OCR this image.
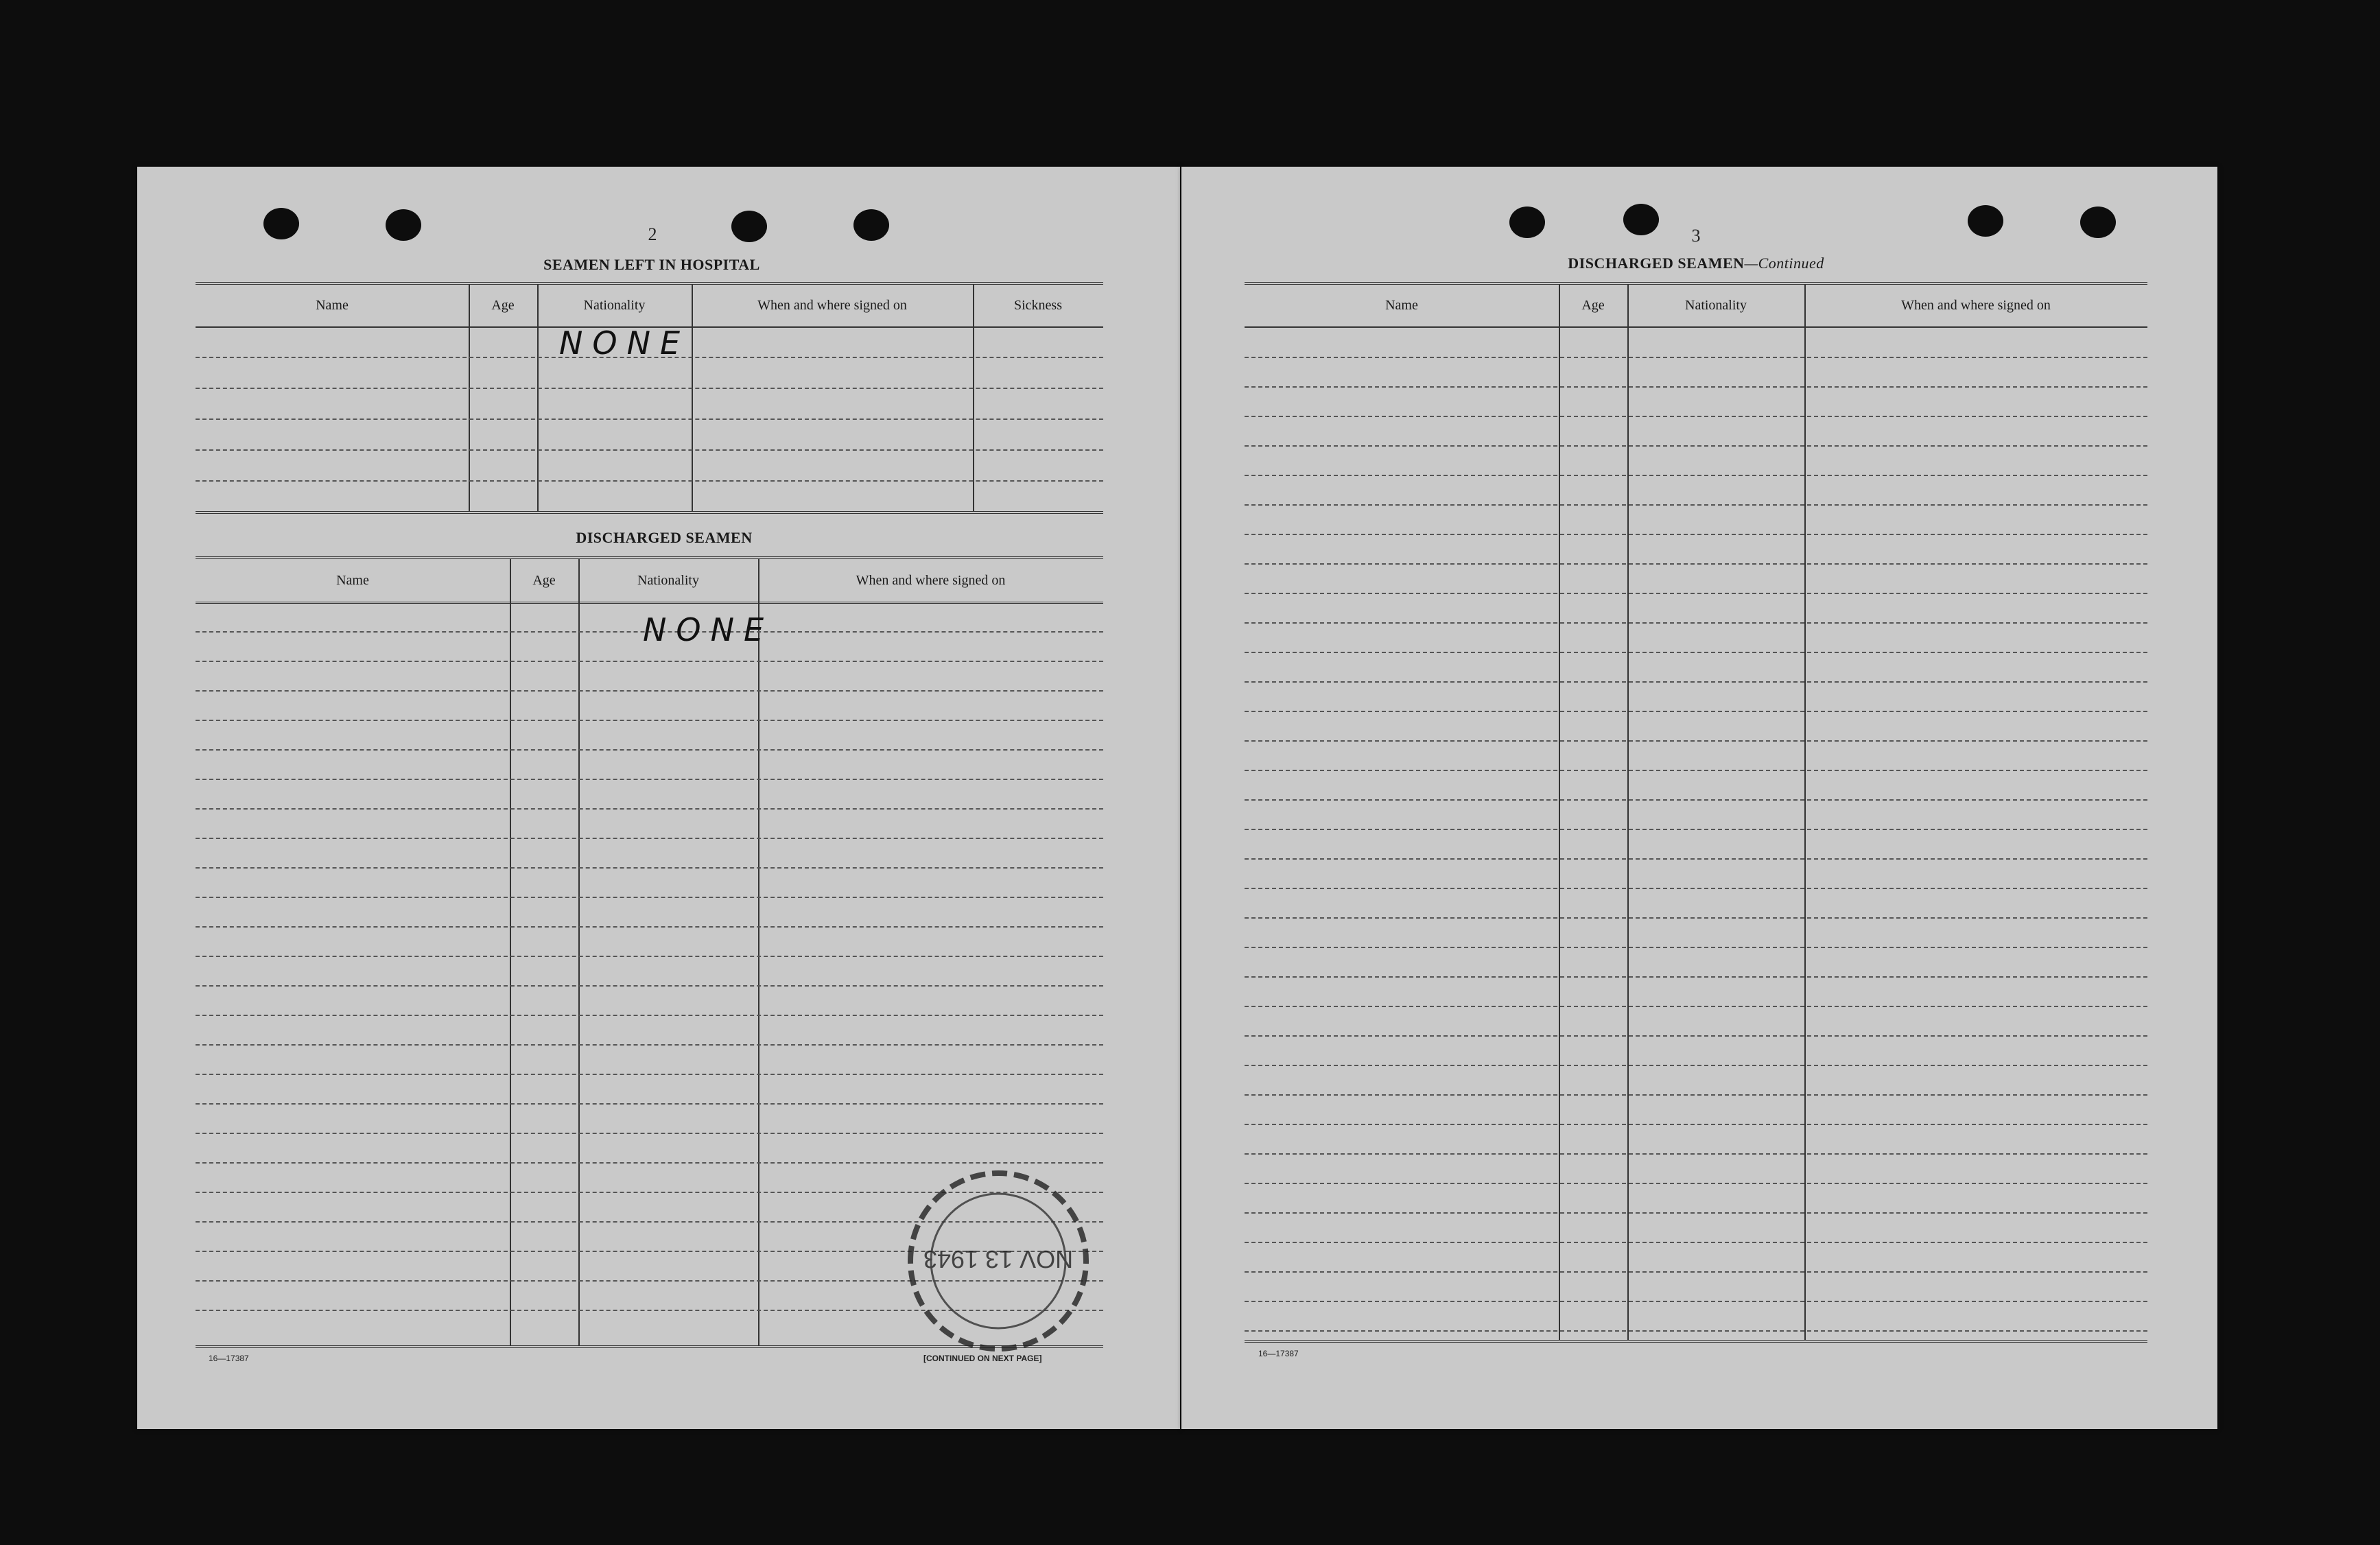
2
SEAMEN LEFT IN HOSPITAL
Name	Age	Nationality	When and where signed on	Sickness
NONE
DISCHARGED SEAMEN
Name	Age	Nationality	When and where signed on
NONE
16—17387	[CONTINUED ON NEXT PAGE]
NOV 13 1943
3
DISCHARGED SEAMEN—Continued
Name	Age	Nationality	When and where signed on
16—17387
